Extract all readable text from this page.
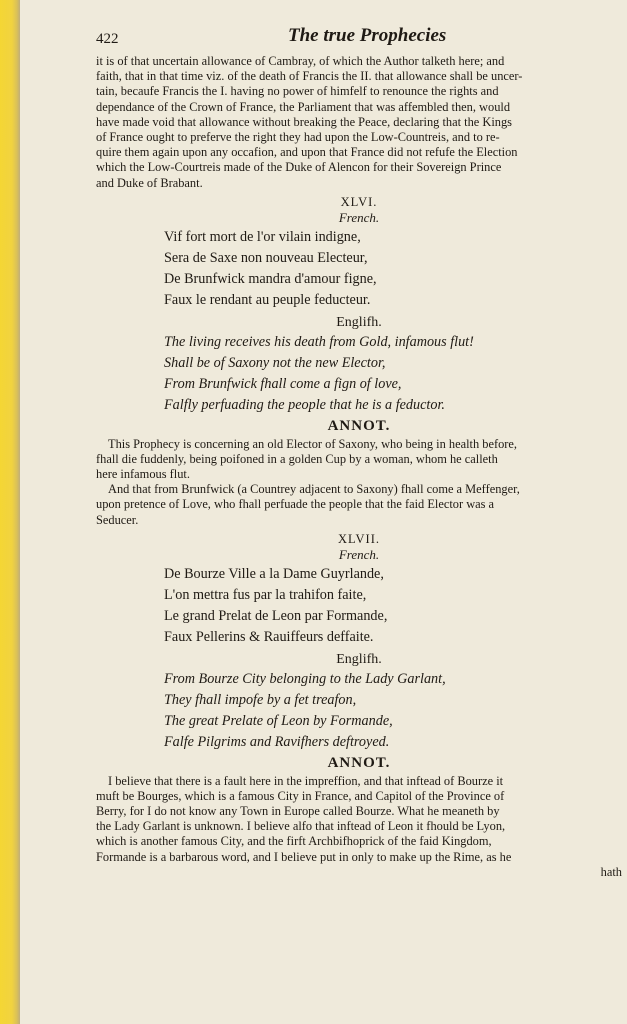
422	The true Prophecies

it is of that uncertain allowance of Cambray, of which the Author talketh here; and

faith, that in that time viz. of the death of Francis the II. that allowance shall be uncer-

tain, becaufe Francis the I. having no power of himfelf to renounce the rights and

dependance of the Crown of France, the Parliament that was affembled then, would

have made void that allowance without breaking the Peace, declaring that the Kings

of France ought to preferve the right they had upon the Low-Countreis, and to re-

quire them again upon any occafion, and upon that France did not refufe the Election

which the Low-Courtreis made of the Duke of Alencon for their Sovereign Prince

and Duke of Brabant.

XLVI.
French.
Vif fort mort de l'or vilain indigne,
Sera de Saxe non nouveau Electeur,
De Brunfwick mandra d'amour figne,
Faux le rendant au peuple feducteur.
Englifh.
The living receives his death from Gold, infamous flut!
Shall be of Saxony not the new Elector,
From Brunfwick fhall come a fign of love,
Falfly perfuading the people that he is a feductor.
ANNOT.

This Prophecy is concerning an old Elector of Saxony, who being in health before,

fhall die fuddenly, being poifoned in a golden Cup by a woman, whom he calleth

here infamous flut.

And that from Brunfwick (a Countrey adjacent to Saxony) fhall come a Meffenger,

upon pretence of Love, who fhall perfuade the people that the faid Elector was a

Seducer.

XLVII.
French.
De Bourze Ville a la Dame Guyrlande,
L'on mettra fus par la trahifon faite,
Le grand Prelat de Leon par Formande,
Faux Pellerins & Rauiffeurs deffaite.
Englifh.
From Bourze City belonging to the Lady Garlant,
They fhall impofe by a fet treafon,
The great Prelate of Leon by Formande,
Falfe Pilgrims and Ravifhers deftroyed.
ANNOT.

I believe that there is a fault here in the impreffion, and that inftead of Bourze it

muft be Bourges, which is a famous City in France, and Capitol of the Province of

Berry, for I do not know any Town in Europe called Bourze. What he meaneth by

the Lady Garlant is unknown. I believe alfo that inftead of Leon it fhould be Lyon,

which is another famous City, and the firft Archbifhoprick of the faid Kingdom,

Formande is a barbarous word, and I believe put in only to make up the Rime, as he

hath
